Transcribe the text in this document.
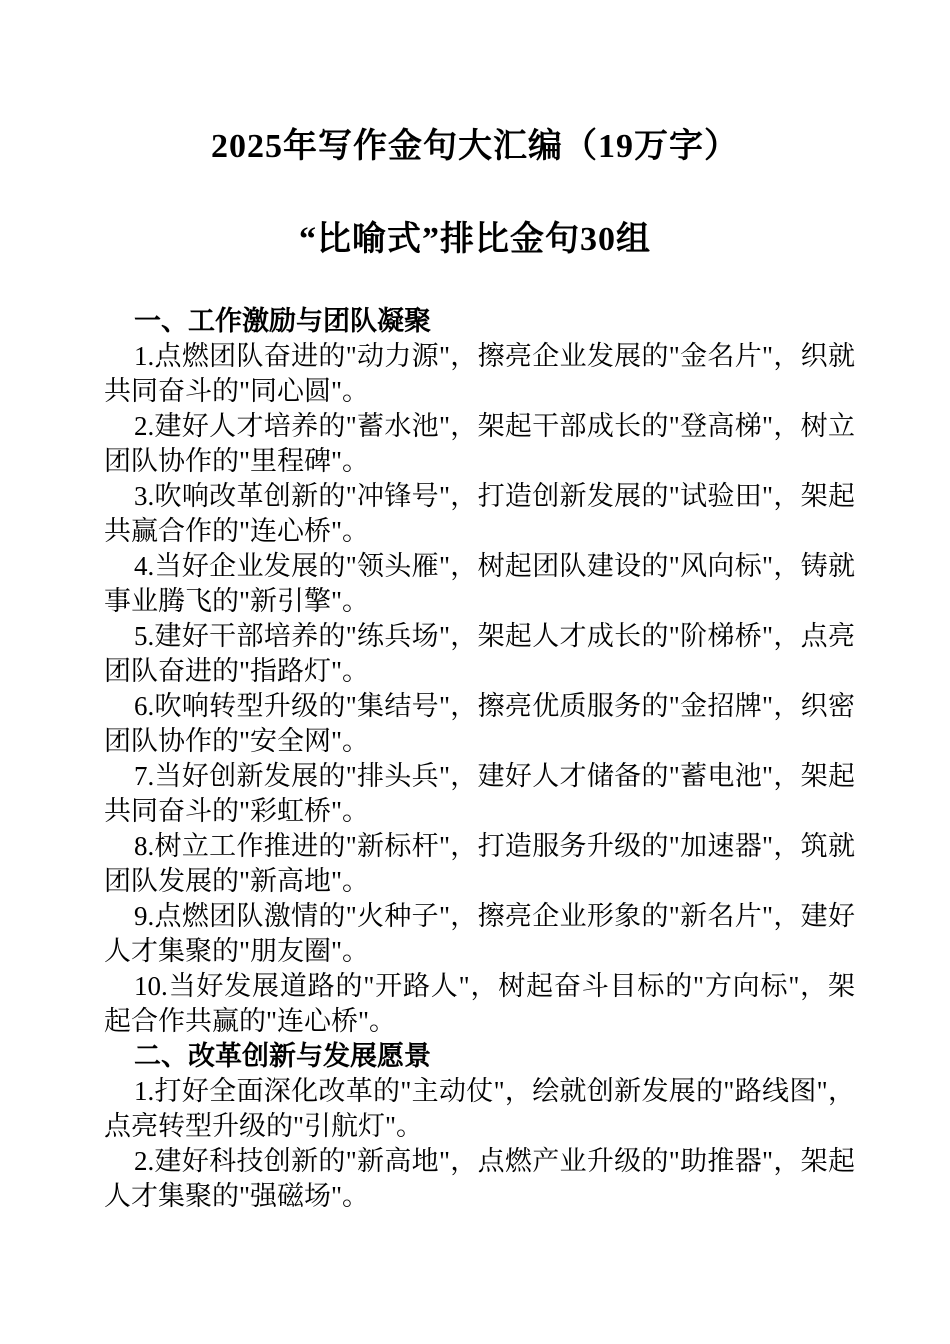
2025年写作金句大汇编（19万字）
“比喻式”排比金句30组

一、工作激励与团队凝聚

1.点燃团队奋进的"动力源"，擦亮企业发展的"金名片"，织就共同奋斗的"同心圆"。

2.建好人才培养的"蓄水池"，架起干部成长的"登高梯"，树立团队协作的"里程碑"。

3.吹响改革创新的"冲锋号"，打造创新发展的"试验田"，架起共赢合作的"连心桥"。

4.当好企业发展的"领头雁"，树起团队建设的"风向标"，铸就事业腾飞的"新引擎"。

5.建好干部培养的"练兵场"，架起人才成长的"阶梯桥"，点亮团队奋进的"指路灯"。

6.吹响转型升级的"集结号"，擦亮优质服务的"金招牌"，织密团队协作的"安全网"。

7.当好创新发展的"排头兵"，建好人才储备的"蓄电池"，架起共同奋斗的"彩虹桥"。

8.树立工作推进的"新标杆"，打造服务升级的"加速器"，筑就团队发展的"新高地"。

9.点燃团队激情的"火种子"，擦亮企业形象的"新名片"，建好人才集聚的"朋友圈"。

10.当好发展道路的"开路人"，树起奋斗目标的"方向标"，架起合作共赢的"连心桥"。

二、改革创新与发展愿景

1.打好全面深化改革的"主动仗"，绘就创新发展的"路线图"，点亮转型升级的"引航灯"。

2.建好科技创新的"新高地"，点燃产业升级的"助推器"，架起人才集聚的"强磁场"。
